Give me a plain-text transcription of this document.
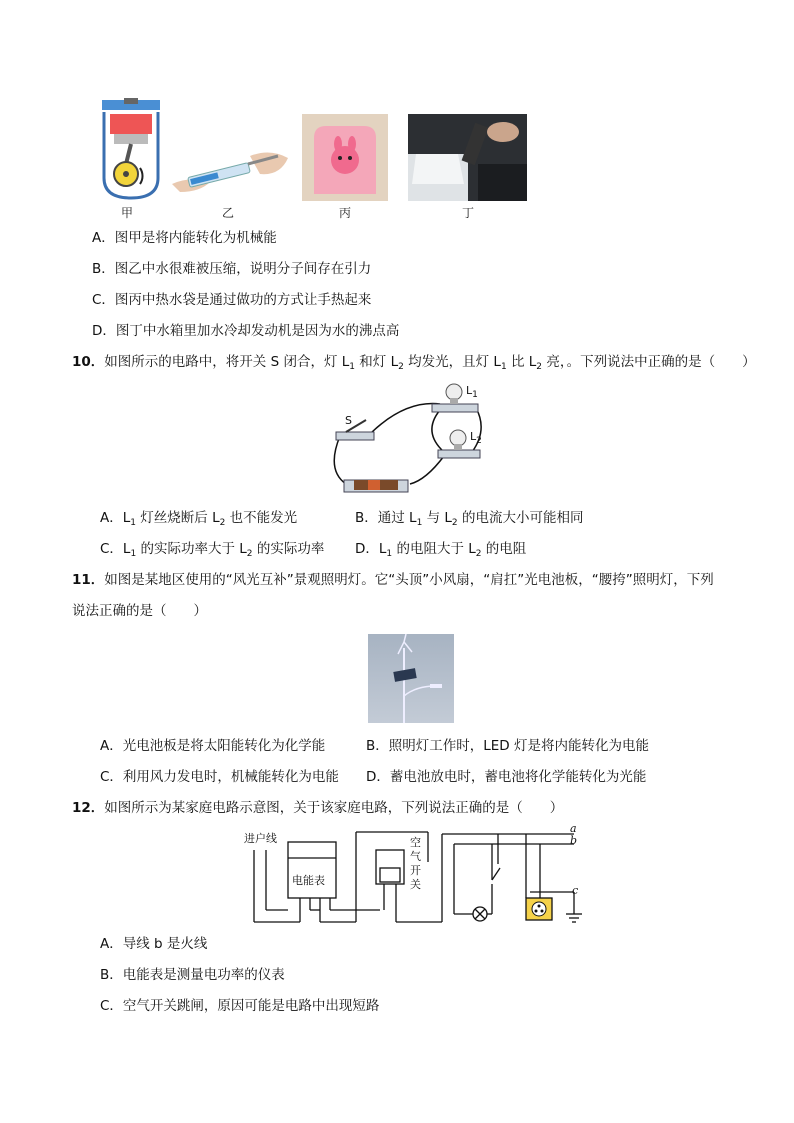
甲	乙	丙	丁
A．图甲是将内能转化为机械能
B．图乙中水很难被压缩，说明分子间存在引力
C．图丙中热水袋是通过做功的方式让手热起来
D．图丁中水箱里加水冷却发动机是因为水的沸点高
10．如图所示的电路中，将开关 S 闭合，灯 $L_1$ 和灯 $L_2$ 均发光，且灯 $L_1$ 比 $L_2$ 亮，。下列说法中正确的是（　　）
S
$L_1$
$L_2$
A．$L_1$ 灯丝烧断后 $L_2$ 也不能发光	B．通过 $L_1$ 与 $L_2$ 的电流大小可能相同
C．$L_1$ 的实际功率大于 $L_2$ 的实际功率 D．$L_1$ 的电阻大于 $L_2$ 的电阻
11．如图是某地区使用的“风光互补”景观照明灯。它“头顶”小风扇，“肩扛”光电池板，“腰挎”照明灯，下列
说法正确的是（　　）
A．光电池板是将太阳能转化为化学能	B．照明灯工作时，LED 灯是将内能转化为电能
C．利用风力发电时，机械能转化为电能 D．蓄电池放电时，蓄电池将化学能转化为光能
12．如图所示为某家庭电路示意图，关于该家庭电路，下列说法正确的是（　　）
进户线
电能表
空
气
开
关
a
b
c
A．导线 b 是火线
B．电能表是测量电功率的仪表
C．空气开关跳闸，原因可能是电路中出现短路
